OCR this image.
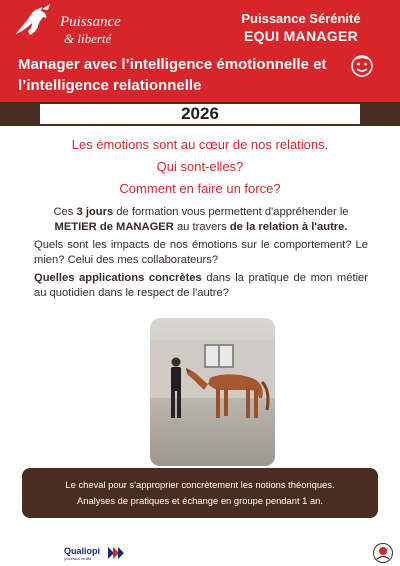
Puissance
& liberté
Puissance Sérénité
EQUI MANAGER
Manager avec l’intelligence émotionnelle et l’intelligence relationnelle
2026
Les émotions sont au cœur de nos relations.
Qui sont-elles?
Comment en faire un force?

Ces 3 jours de formation vous permettent d'appréhender le METIER de MANAGER au travers de la relation à l'autre.

Quels sont les impacts de nos émotions sur le comportement? Le mien? Celui des mes collaborateurs?

Quelles applications concrètes dans la pratique de mon métier au quotidien dans le respect de l'autre?

Le cheval pour s'approprier concrètement les notions théoriques.
Analyses de pratiques et échange en groupe pendant 1 an.
Qualiopi
processus certifié
